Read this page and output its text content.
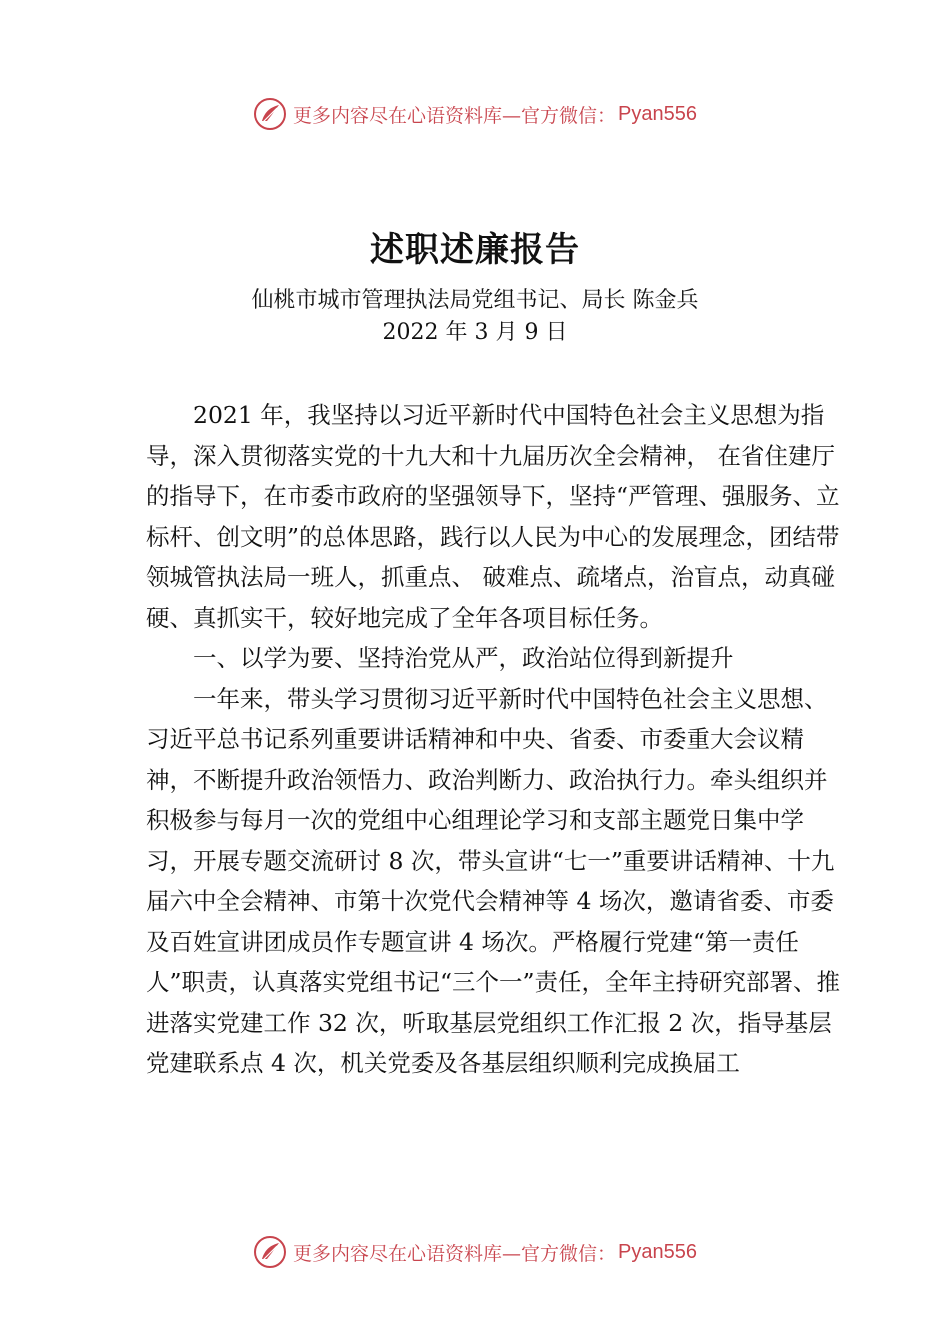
更多内容尽在心语资料库—官方微信： Pyan556
述职述廉报告
仙桃市城市管理执法局党组书记、局长 陈金兵
2022 年 3 月 9 日

2021 年，我坚持以习近平新时代中国特色社会主义思想为指导，深入贯彻落实党的十九大和十九届历次全会精神， 在省住建厅的指导下，在市委市政府的坚强领导下，坚持“严管理、强服务、立标杆、创文明”的总体思路，践行以人民为中心的发展理念，团结带领城管执法局一班人，抓重点、 破难点、疏堵点，治盲点，动真碰硬、真抓实干，较好地完成了全年各项目标任务。

一、以学为要、坚持治党从严，政治站位得到新提升

一年来，带头学习贯彻习近平新时代中国特色社会主义思想、习近平总书记系列重要讲话精神和中央、省委、市委重大会议精神，不断提升政治领悟力、政治判断力、政治执行力。牵头组织并积极参与每月一次的党组中心组理论学习和支部主题党日集中学习，开展专题交流研讨 8 次，带头宣讲“七一”重要讲话精神、十九届六中全会精神、市第十次党代会精神等 4 场次，邀请省委、市委及百姓宣讲团成员作专题宣讲 4 场次。严格履行党建“第一责任人”职责，认真落实党组书记“三个一”责任，全年主持研究部署、推进落实党建工作 32 次，听取基层党组织工作汇报 2 次，指导基层党建联系点 4 次，机关党委及各基层组织顺利完成换届工

更多内容尽在心语资料库—官方微信： Pyan556
